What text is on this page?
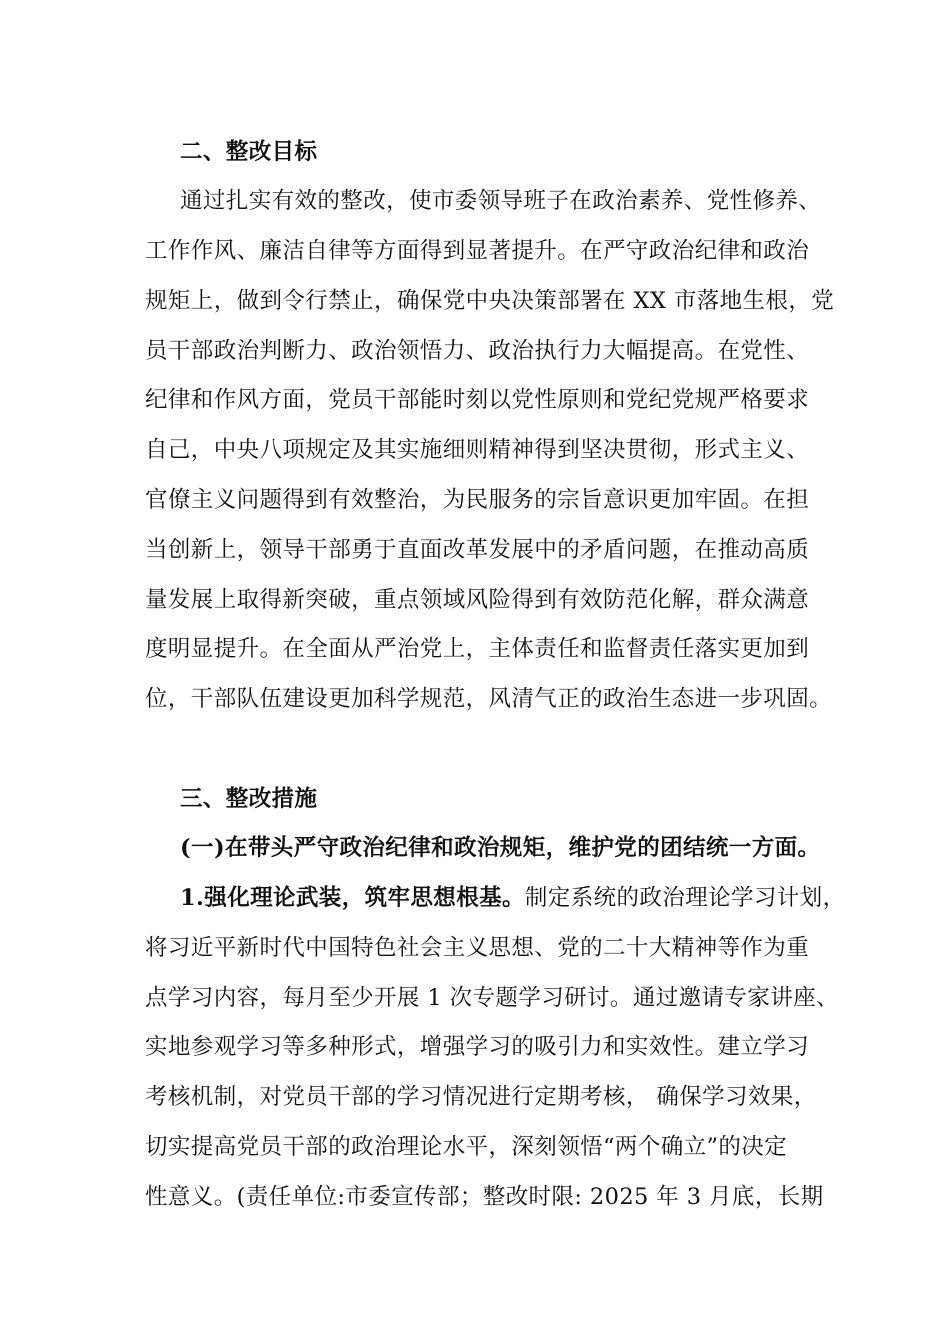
二、整改目标
通过扎实有效的整改，使市委领导班子在政治素养、党性修养、
工作作风、廉洁自律等方面得到显著提升。在严守政治纪律和政治
规矩上，做到令行禁止，确保党中央决策部署在 XX 市落地生根，党
员干部政治判断力、政治领悟力、政治执行力大幅提高。在党性、
纪律和作风方面，党员干部能时刻以党性原则和党纪党规严格要求
自己，中央八项规定及其实施细则精神得到坚决贯彻，形式主义、
官僚主义问题得到有效整治，为民服务的宗旨意识更加牢固。在担
当创新上，领导干部勇于直面改革发展中的矛盾问题，在推动高质
量发展上取得新突破，重点领域风险得到有效防范化解，群众满意
度明显提升。在全面从严治党上，主体责任和监督责任落实更加到
位，干部队伍建设更加科学规范，风清气正的政治生态进一步巩固。
三、整改措施
(一)在带头严守政治纪律和政治规矩，维护党的团结统一方面。
1.强化理论武装，筑牢思想根基。制定系统的政治理论学习计划，
将习近平新时代中国特色社会主义思想、党的二十大精神等作为重
点学习内容，每月至少开展 1 次专题学习研讨。通过邀请专家讲座、
实地参观学习等多种形式，增强学习的吸引力和实效性。建立学习
考核机制，对党员干部的学习情况进行定期考核， 确保学习效果，
切实提高党员干部的政治理论水平，深刻领悟“两个确立”的决定
性意义。(责任单位:市委宣传部；整改时限: 2025 年 3 月底，长期
